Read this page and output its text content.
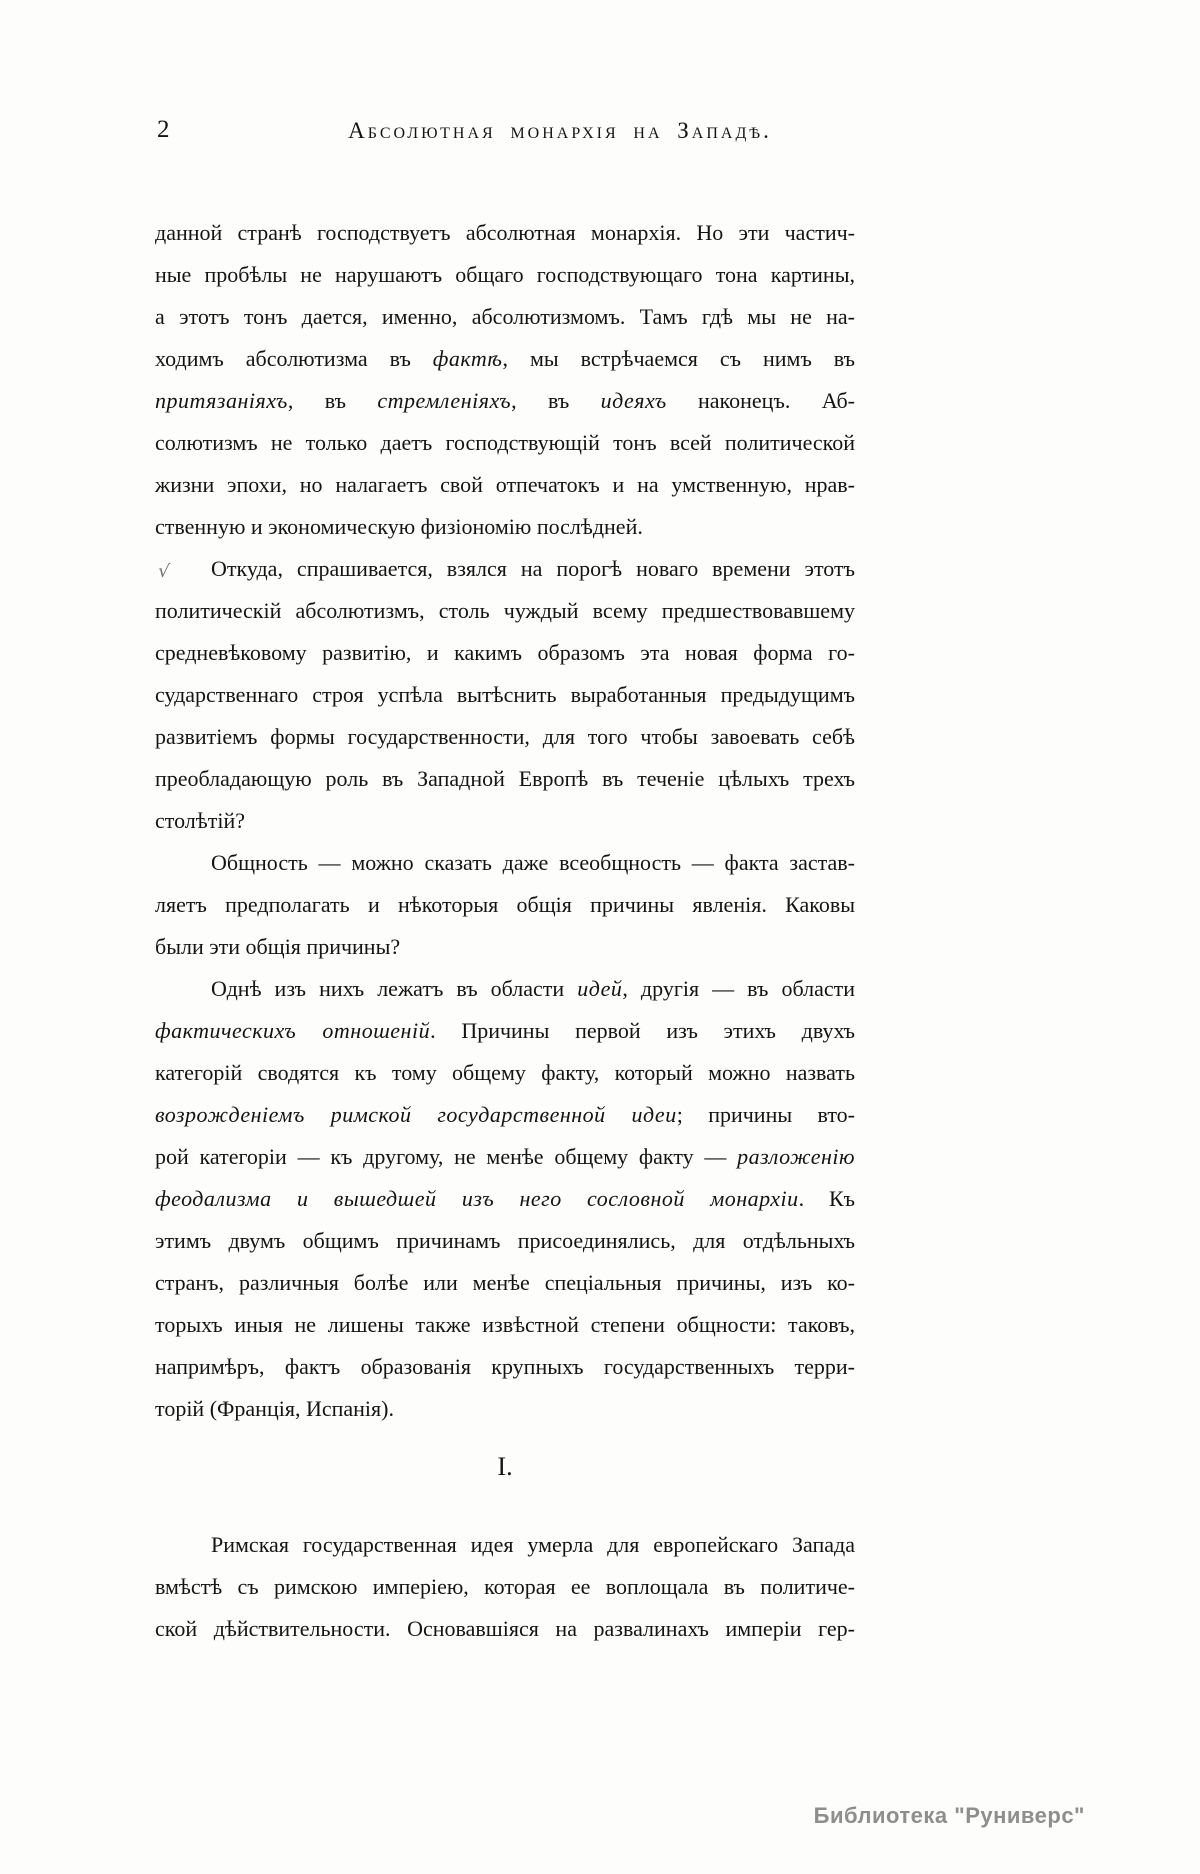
2	Абсолютная монархія на Западѣ.
данной странѣ господствуетъ абсолютная монархія. Но эти частич-
ные пробѣлы не нарушаютъ общаго господствующаго тона картины,
а этотъ тонъ дается, именно, абсолютизмомъ. Тамъ гдѣ мы не на-
ходимъ абсолютизма въ фактѣ, мы встрѣчаемся съ нимъ въ
притязаніяхъ, въ стремленіяхъ, въ идеяхъ наконецъ. Аб-
солютизмъ не только даетъ господствующій тонъ всей политической
жизни эпохи, но налагаетъ свой отпечатокъ и на умственную, нрав-
ственную и экономическую физіономію послѣдней.
√ Откуда, спрашивается, взялся на порогѣ новаго времени этотъ
политическій абсолютизмъ, столь чуждый всему предшествовавшему
средневѣковому развитію, и какимъ образомъ эта новая форма го-
сударственнаго строя успѣла вытѣснить выработанныя предыдущимъ
развитіемъ формы государственности, для того чтобы завоевать себѣ
преобладающую роль въ Западной Европѣ въ теченіе цѣлыхъ трехъ
столѣтій?
Общность — можно сказать даже всеобщность — факта застав-
ляетъ предполагать и нѣкоторыя общія причины явленія. Каковы
были эти общія причины?
Однѣ изъ нихъ лежатъ въ области идей, другія — въ области
фактическихъ отношеній. Причины первой изъ этихъ двухъ
категорій сводятся къ тому общему факту, который можно назвать
возрожденіемъ римской государственной идеи; причины вто-
рой категоріи — къ другому, не менѣе общему факту — разложенію
феодализма и вышедшей изъ него сословной монархіи. Къ
этимъ двумъ общимъ причинамъ присоединялись, для отдѣльныхъ
странъ, различныя болѣе или менѣе спеціальныя причины, изъ ко-
торыхъ иныя не лишены также извѣстной степени общности: таковъ,
напримѣръ, фактъ образованія крупныхъ государственныхъ терри-
торій (Франція, Испанія).
I.
Римская государственная идея умерла для европейскаго Запада
вмѣстѣ съ римскою имперіею, которая ее воплощала въ политиче-
ской дѣйствительности. Основавшіяся на развалинахъ имперіи гер-
Библиотека "Руниверс"
